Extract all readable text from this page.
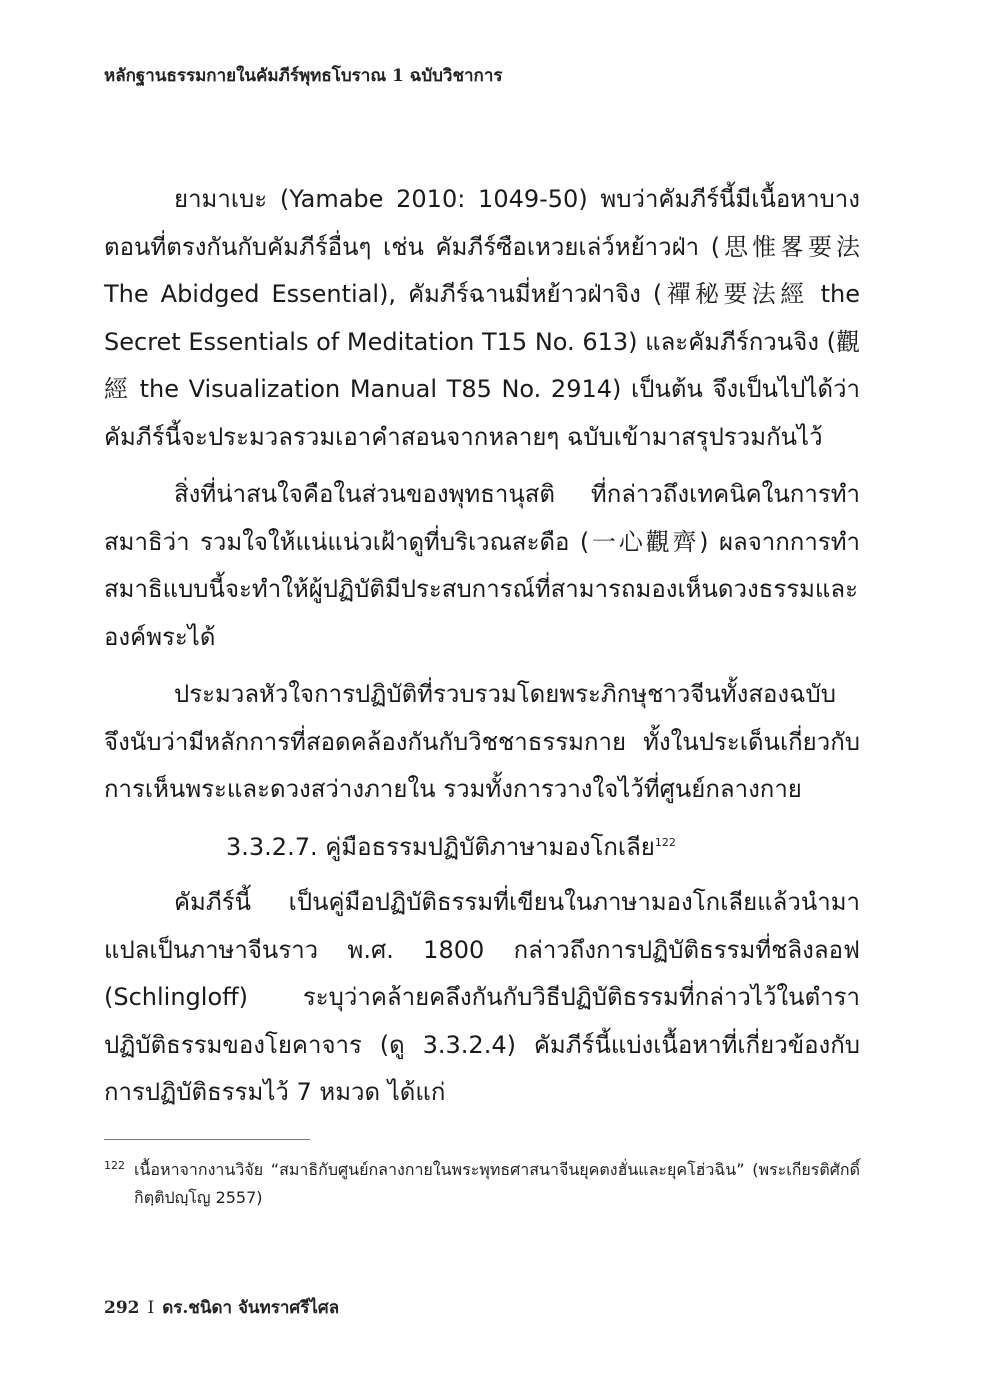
หลักฐานธรรมกายในคัมภีร์พุทธโบราณ 1 ฉบับวิชาการ

ยามาเบะ (Yamabe 2010: 1049-50) พบว่าคัมภีร์นี้มีเนื้อหาบางตอนที่ตรงกันกับคัมภีร์อื่นๆ เช่น คัมภีร์ซือเหวยเล่ว์หย้าวฝ่า (思惟畧要法 The Abidged Essential), คัมภีร์ฉานมี่หย้าวฝ่าจิง (禪秘要法經 the Secret Essentials of Meditation T15 No. 613) และคัมภีร์กวนจิง (觀經 the Visualization Manual T85 No. 2914) เป็นต้น จึงเป็นไปได้ว่าคัมภีร์นี้จะประมวลรวมเอาคำสอนจากหลายๆ ฉบับเข้ามาสรุปรวมกันไว้

สิ่งที่น่าสนใจคือในส่วนของพุทธานุสติ ที่กล่าวถึงเทคนิคในการทำสมาธิว่า รวมใจให้แน่แน่วเฝ้าดูที่บริเวณสะดือ (一心觀齊) ผลจากการทำสมาธิแบบนี้จะทำให้ผู้ปฏิบัติมีประสบการณ์ที่สามารถมองเห็นดวงธรรมและองค์พระได้

ประมวลหัวใจการปฏิบัติที่รวบรวมโดยพระภิกษุชาวจีนทั้งสองฉบับจึงนับว่ามีหลักการที่สอดคล้องกันกับวิชชาธรรมกาย ทั้งในประเด็นเกี่ยวกับการเห็นพระและดวงสว่างภายใน รวมทั้งการวางใจไว้ที่ศูนย์กลางกาย

3.3.2.7. คู่มือธรรมปฏิบัติภาษามองโกเลีย$^{122}$

คัมภีร์นี้ เป็นคู่มือปฏิบัติธรรมที่เขียนในภาษามองโกเลียแล้วนำมาแปลเป็นภาษาจีนราว พ.ศ. 1800 กล่าวถึงการปฏิบัติธรรมที่ชลิงลอฟ (Schlingloff) ระบุว่าคล้ายคลึงกันกับวิธีปฏิบัติธรรมที่กล่าวไว้ในตำราปฏิบัติธรรมของโยคาจาร (ดู 3.3.2.4) คัมภีร์นี้แบ่งเนื้อหาที่เกี่ยวข้องกับการปฏิบัติธรรมไว้ 7 หมวด ได้แก่

122 เนื้อหาจากงานวิจัย “สมาธิกับศูนย์กลางกายในพระพุทธศาสนาจีนยุคตงฮั่นและยุคโฮ่วฉิน” (พระเกียรติศักดิ์ กิตฺติปญฺโญ 2557)
292 I ดร.ชนิดา จันทราศรีไศล
